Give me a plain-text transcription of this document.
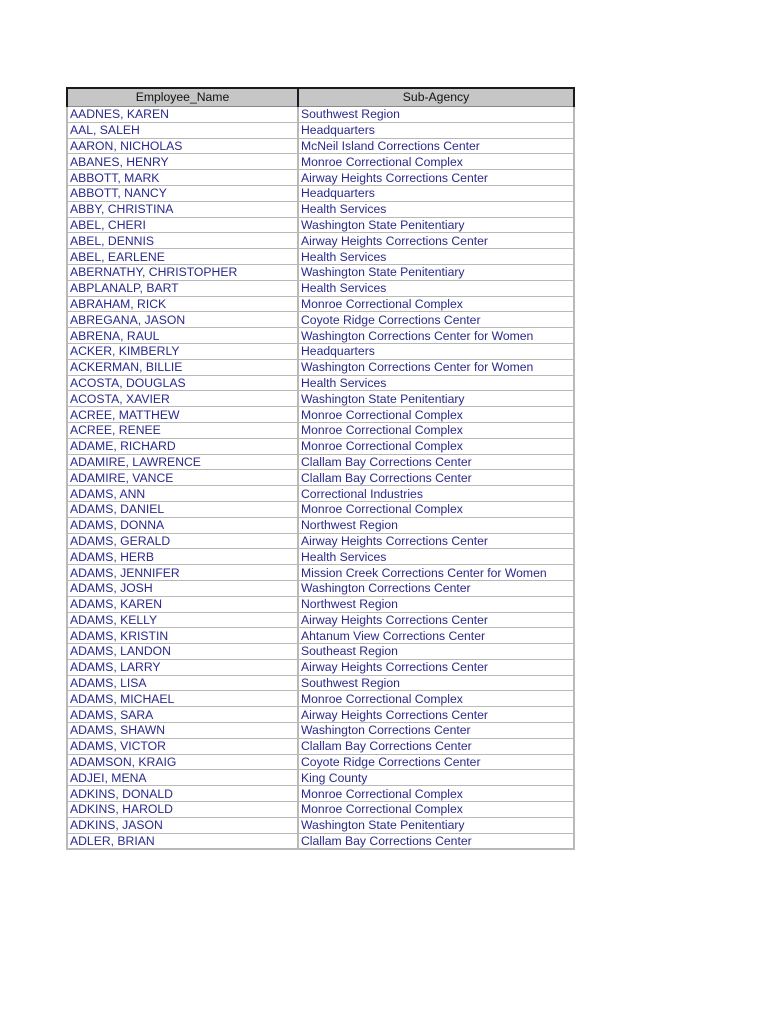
Employee_Name	Sub-Agency
AADNES, KAREN	Southwest Region
AAL, SALEH	Headquarters
AARON, NICHOLAS	McNeil Island Corrections Center
ABANES, HENRY	Monroe Correctional Complex
ABBOTT, MARK	Airway Heights Corrections Center
ABBOTT, NANCY	Headquarters
ABBY, CHRISTINA	Health Services
ABEL, CHERI	Washington State Penitentiary
ABEL, DENNIS	Airway Heights Corrections Center
ABEL, EARLENE	Health Services
ABERNATHY, CHRISTOPHER	Washington State Penitentiary
ABPLANALP, BART	Health Services
ABRAHAM, RICK	Monroe Correctional Complex
ABREGANA, JASON	Coyote Ridge Corrections Center
ABRENA, RAUL	Washington Corrections Center for Women
ACKER, KIMBERLY	Headquarters
ACKERMAN, BILLIE	Washington Corrections Center for Women
ACOSTA, DOUGLAS	Health Services
ACOSTA, XAVIER	Washington State Penitentiary
ACREE, MATTHEW	Monroe Correctional Complex
ACREE, RENEE	Monroe Correctional Complex
ADAME, RICHARD	Monroe Correctional Complex
ADAMIRE, LAWRENCE	Clallam Bay Corrections Center
ADAMIRE, VANCE	Clallam Bay Corrections Center
ADAMS, ANN	Correctional Industries
ADAMS, DANIEL	Monroe Correctional Complex
ADAMS, DONNA	Northwest Region
ADAMS, GERALD	Airway Heights Corrections Center
ADAMS, HERB	Health Services
ADAMS, JENNIFER	Mission Creek Corrections Center for Women
ADAMS, JOSH	Washington Corrections Center
ADAMS, KAREN	Northwest Region
ADAMS, KELLY	Airway Heights Corrections Center
ADAMS, KRISTIN	Ahtanum View Corrections Center
ADAMS, LANDON	Southeast Region
ADAMS, LARRY	Airway Heights Corrections Center
ADAMS, LISA	Southwest Region
ADAMS, MICHAEL	Monroe Correctional Complex
ADAMS, SARA	Airway Heights Corrections Center
ADAMS, SHAWN	Washington Corrections Center
ADAMS, VICTOR	Clallam Bay Corrections Center
ADAMSON, KRAIG	Coyote Ridge Corrections Center
ADJEI, MENA	King County
ADKINS, DONALD	Monroe Correctional Complex
ADKINS, HAROLD	Monroe Correctional Complex
ADKINS, JASON	Washington State Penitentiary
ADLER, BRIAN	Clallam Bay Corrections Center
